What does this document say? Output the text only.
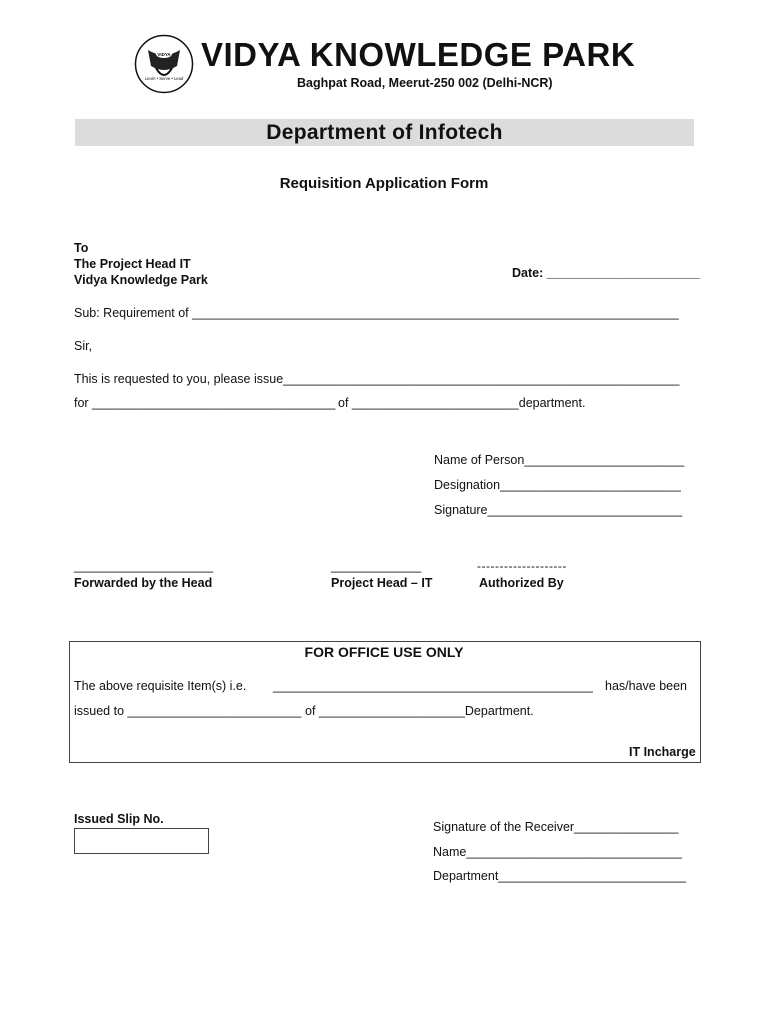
VIDYA
Learn • Serve • Lead
VIDYA KNOWLEDGE PARK
Baghpat Road, Meerut-250 002 (Delhi-NCR)
Department of Infotech
Requisition Application Form
To
The Project Head IT
Vidya Knowledge Park	Date: ______________________
Sub: Requirement of ______________________________________________________________________
Sir,
This is requested to you, please issue_________________________________________________________
for ___________________________________ of ________________________department.
Name of Person_______________________
Designation__________________________
Signature____________________________
____________________
Forwarded by the Head
_____________
Project Head – IT
--------------------
Authorized By
FOR OFFICE USE ONLY
The above requisite Item(s) i.e. ______________________________________________ has/have been
issued to _________________________ of _____________________Department.
IT Incharge
Issued Slip No.
Signature of the Receiver_______________
Name_______________________________
Department___________________________
